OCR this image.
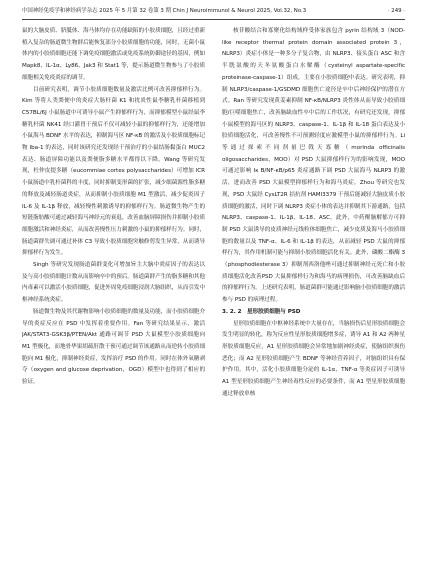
中国神经免疫学和神经病学杂志 2025 年 5 月第 32 卷第 3 期 Chin J Neuroimmunol & Neurol 2025, Vol.32, No.3	· 249 ·

鼠的大脑皮质、脐胝体、海马体均存在功能缺陷的小胶质细胞，且经过重新植入复杂的肠道微生物群后能恢复部分小胶质细胞的功能，同时，无菌小鼠体内的小胶质细胞还能下调免疫细胞激活或免疫系统防御途径的基因，例如 Mapk8、IL-1α、Ly86、Jak3 和 Stat1 等，提示肠道微生物参与了小胶质细胞相关免疫炎症的调节。

目前研究表明，调节小胶质细胞数量及激活比例可改善抑郁样行为。Kim 等将人类粪便中的炎症大肠杆菌 K1 和扰炎性鼠李糖乳杆菌移植到 C57BL/6J 小鼠肠道中可诱导小鼠产生抑郁样行为，而抑郁模型小鼠经鼠李糖乳杆菌 NK41 经口灌胃干预后不仅可减轻小鼠的抑郁样行为，还能增加小鼠海马 BDNF 水平的表达，抑制海马区 NF-κB 的激活及小胶质细胞标记物 Iba-1 的表达，同时该研究还发现经干预治疗的小鼠结肠黏蛋白 MUC2 表达、肠道屏障功能以及粪便脂多糖水平都得以下降。Wang 等研究发现，杜仲皮提多糖（eucommiae cortex polysaccharides）可增加 ICR 小鼠肠道中乳杆菌科的丰度，同时抑制变形菌的扩张，减少细菌源性脂多糖的释放及减轻肠道炎症，从而抑制小胶质细胞 M1 型激活，减少促炎因子 IL-6 及 IL-1β 释放，减轻慢性刺激诱导的抑郁样行为。肠道微生物产生的短链脂肪酸可通过减轻海马神经元的衰退，改善血脑屏障损伤并抑制小胶质细胞激活和神经炎症，从而改善慢性压力刺激的小鼠的抑郁样行为。同时，肠道菌群失调可通过补体 C3 导致小胶质细胞突触修剪发生异常，从而诱导抑郁样行为发生。

Singh 等研究发现肠道菌群变化可增加旨主大脑中炎症因子的表达以及与高小胶质细胞计数从而影响卒中的预后。肠道菌群产生的脂多糖和其他内毒素可以激活小胶质细胞，促进外周免疫细胞浸润大脑组织，从而引发中枢神经系统炎症。

肠道微生物及其代谢物影响小胶质细胞的数量及功能，而小胶质细胞介导的炎症反应在 PSD 中发挥着重要作用。Fan 等研究结果显示，激活 JAK/STAT3-GSK3β/PTEN/Akt 通路可调节 PSD 大鼠模型小胶质细胞向 M1 型极化，而地骨华果胡疏肝散干预可通过调节该通路从而逆转小胶质细胞向 M1 极化，抑制神经炎症，发挥治疗 PSD 的作用。同时在体外氧糖剥夺（oxygen and glucose deprivation，OGD）模型中也得到了相应的验证。

核苷酸结合和寡聚化结构域样受体家族包含 pyrin 结构域 3（NOD-like receptor thermal protein domain associated protein 3，NLRP3）炎症小体是一种多分子复合物，由 NLRP3、接头蛋白 ASC 和含半胱氨酸的天冬氨酸蛋白水解酶（cysteinyl aspartate-specific proteinase-caspase-1）组成，主要在小胶质细胞中表达。研究表明，抑制 NLRP3/caspase-1/GSDMD 细胞焦亡途径是卒中后神经保护的潜在方式。Ran 等研究发现黄姜素抑制 NF-κB/NLRP3 炎性体从而导致小胶质细胞/巨噬细胞焦亡，改善脑缺血性卒中后的工作状况，有研究还发现，抑郁小鼠模型的海马区的 NLRP3、caspase-1、IL-1β 和 IL-18 蛋白表达及小胶质细胞活化，可改善慢性不可预测轻度应激模型小鼠的抑郁样行为。Li 等通过探索不同剂量巴戟天寡糖（morinda officinalis oligosaccharides，MOO）对 PSD 大鼠抑郁样行为的影响发现，MOO 可通过影响 Iκ B/NF-κB/p65 炎症通路下调 PSD 大鼠海马 NLRP3 的激活，进而改善 PSD 大鼠模型抑郁样行为和海马炎症。Zhou 等研究也发现，PSD 大鼠经 CysLT2R 拮抗剂 HAMI3379 干预后能减轻大脑皮质小胶质细胞的激活，同时下调 NLRP3 炎症小体的表达并抑制其下游通路，包括 NLRP3、caspase-1、IL-1β、IL-18、ASC。此外，中药醒脑解郁方可抑制 PSD 大鼠诱导的皮质神经元线粒体细胞焦亡，减少皮质及海马小胶质细胞的数量以及 TNF-α、IL-6 和 IL-1β 的表达，从而减轻 PSD 大鼠的抑郁样行为，其作用机制可能与抑制小胶质细胞活化有关。此外，磷酸二酯酶 3（phosphodiesterase 3）抑制剂西洛他唑可通过抑制神经元死亡和小胶质细胞活化改善PSD 大鼠抑郁样行为和海马的病理损伤，可改善脑缺血后的抑郁样行为。上述研究表明，肠道菌群可能通过影响脑小胶质细胞的激活参与 PSD 的病理过程。

3. 2. 2　星形胶质细胞与 PSD

星形胶质细胞在中枢神经系统中大量存在，当脑损伤后星形胶质细胞会发生明显的转化，称为反应性星形胶质细胞增多症，诱导 A1 和 A2 两种星形胶质细胞反应，A1 星形胶质细胞会异常地加剧神经炎症，使脑组织损伤恶化；而 A2 星形胶质细胞产生 BDNF 等神经营养因子，对脑组织具有保护作用。其中，活化小胶质细胞分泌的 IL-1α、TNF-α 等炎症因子可诱导 A1 型星形胶质细胞产生神经毒性反应的必要条件，而 A1 型星形胶质细胞通过释放单核
